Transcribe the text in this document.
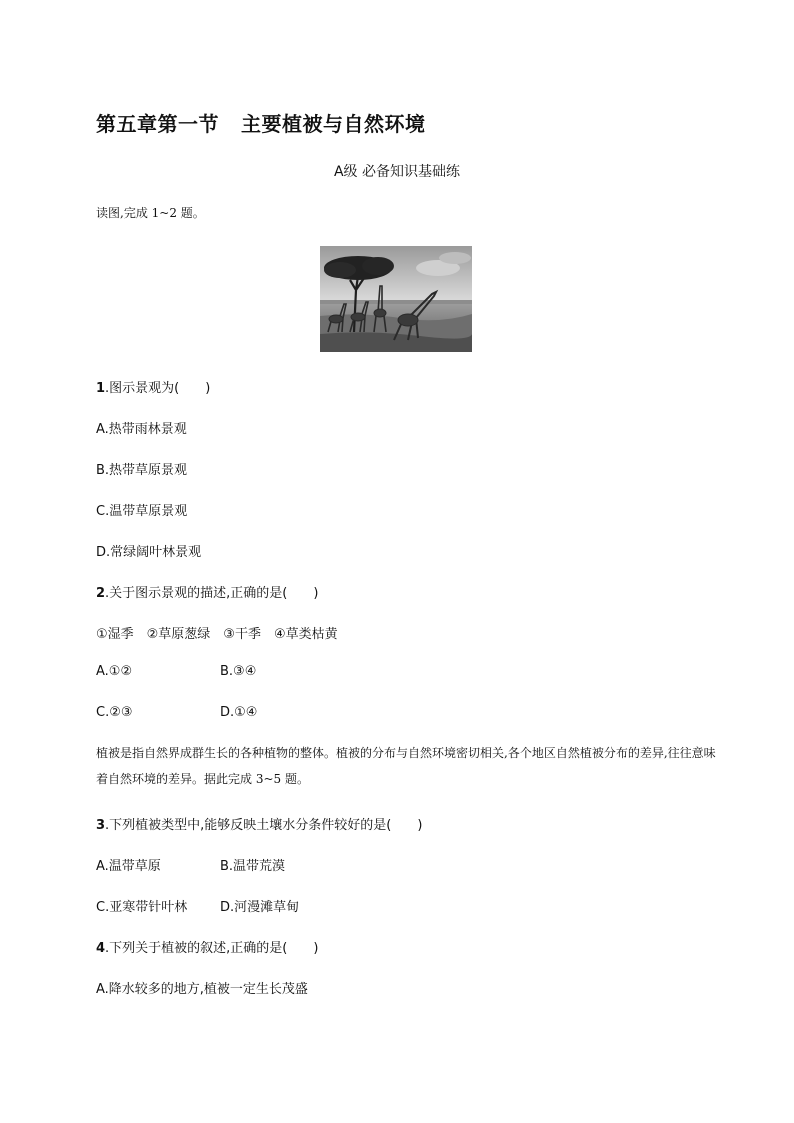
第五章第一节 主要植被与自然环境
A级 必备知识基础练
读图,完成 1~2 题。
1.图示景观为(　　)
A.热带雨林景观
B.热带草原景观
C.温带草原景观
D.常绿阔叶林景观
2.关于图示景观的描述,正确的是(　　)
①湿季　②草原葱绿　③干季　④草类枯黄
A.①②	B.③④
C.②③	D.①④
植被是指自然界成群生长的各种植物的整体。植被的分布与自然环境密切相关,各个地区自然植被分布的差异,往往意味着自然环境的差异。据此完成 3~5 题。
3.下列植被类型中,能够反映土壤水分条件较好的是(　　)
A.温带草原	B.温带荒漠
C.亚寒带针叶林	D.河漫滩草甸
4.下列关于植被的叙述,正确的是(　　)
A.降水较多的地方,植被一定生长茂盛
